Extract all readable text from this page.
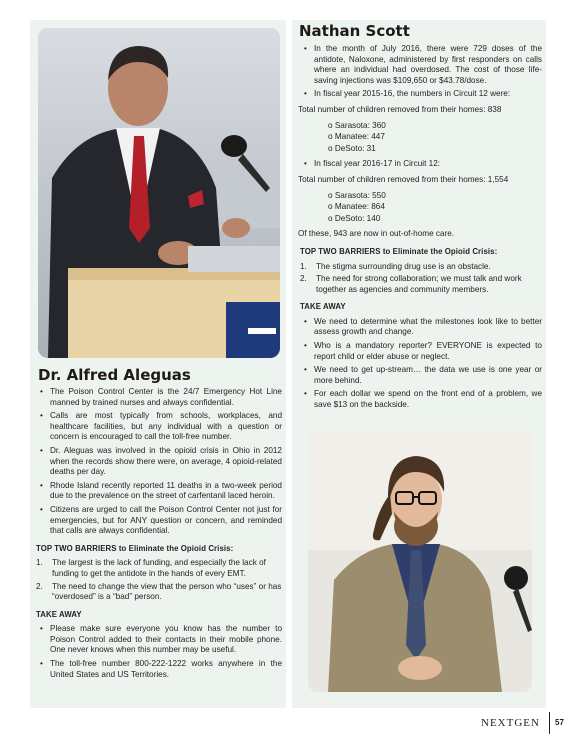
Dr. Alfred Aleguas
• The Poison Control Center is the 24/7 Emergency Hot Line manned by trained nurses and always confidential.
• Calls are most typically from schools, workplaces, and healthcare facilities, but any individual with a question or concern is encouraged to call the toll-free number.
• Dr. Aleguas was involved in the opioid crisis in Ohio in 2012 when the records show there were, on average, 4 opioid-related deaths per day.
• Rhode Island recently reported 11 deaths in a two-week period due to the prevalence on the street of carfentanil laced heroin.
• Citizens are urged to call the Poison Control Center not just for emergencies, but for ANY question or concern, and reminded that calls are always confidential.
TOP TWO BARRIERS to Eliminate the Opioid Crisis:
1. The largest is the lack of funding, and especially the lack of funding to get the antidote in the hands of every EMT.
2. The need to change the view that the person who “uses” or has “overdosed” is a “bad” person.
TAKE AWAY
• Please make sure everyone you know has the number to Poison Control added to their contacts in their mobile phone. One never knows when this number may be useful.
• The toll-free number 800-222-1222 works anywhere in the United States and US Territories.
Nathan Scott
• In the month of July 2016, there were 729 doses of the antidote, Naloxone, administered by first responders on calls where an individual had overdosed. The cost of those life-saving injections was $109,650 or $43.78/dose.
• In fiscal year 2015-16, the numbers in Circuit 12 were:
Total number of children removed from their homes: 838
o Sarasota: 360
o Manatee: 447
o DeSoto: 31
• In fiscal year 2016-17 in Circuit 12:
Total number of children removed from their homes: 1,554
o Sarasota: 550
o Manatee: 864
o DeSoto: 140
Of these, 943 are now in out-of-home care.
TOP TWO BARRIERS to Eliminate the Opioid Crisis:
1. The stigma surrounding drug use is an obstacle.
2. The need for strong collaboration; we must talk and work together as agencies and community members.
TAKE AWAY
• We need to determine what the milestones look like to better assess growth and change.
• Who is a mandatory reporter? EVERYONE is expected to report child or elder abuse or neglect.
• We need to get up-stream… the data we use is one year or more behind.
• For each dollar we spend on the front end of a problem, we save $13 on the backside.
NEXTGEN 57
